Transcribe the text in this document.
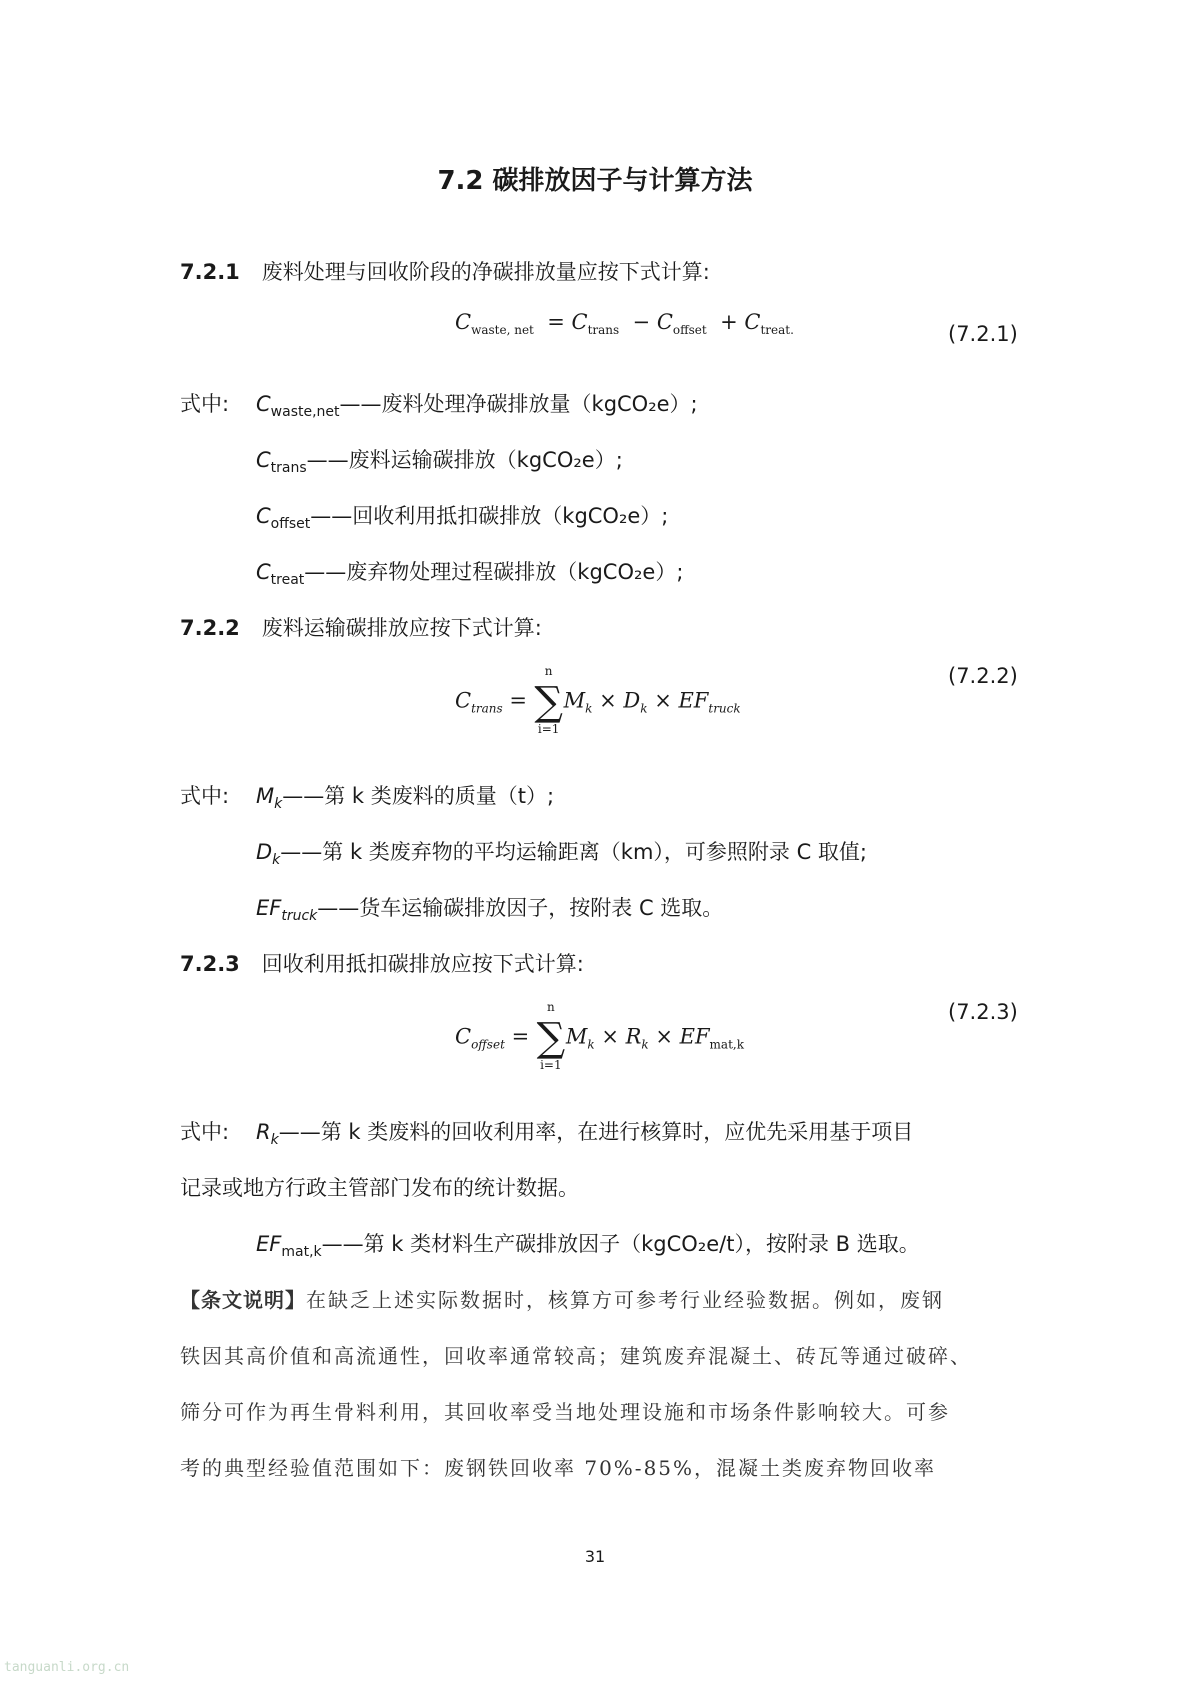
7.2 碳排放因子与计算方法
7.2.1 废料处理与回收阶段的净碳排放量应按下式计算:
$C_{waste, net} = C_{trans} - C_{offset} + C_{treat.}$	(7.2.1)
式中: $C_{waste,net}——$废料处理净碳排放量（kgCO₂e）;
$C_{trans}——$废料运输碳排放（kgCO₂e）;
$C_{offset}——$回收利用抵扣碳排放（kgCO₂e）;
$C_{treat}——$废弃物处理过程碳排放（kgCO₂e）;
7.2.2 废料运输碳排放应按下式计算:
(7.2.2)
$C_{trans}$ =
n
∑
i=1
$M_k \times D_k \times EF_{truck}$
式中: $M_k——$第 k 类废料的质量（t）;
$D_k——$第 k 类废弃物的平均运输距离（km），可参照附录 C 取值;
$EF_{truck}——$货车运输碳排放因子，按附表 C 选取。
7.2.3 回收利用抵扣碳排放应按下式计算:
(7.2.3)
$C_{offset}$ =
n
∑
i=1
$M_k \times R_k \times EF_{mat,k}$
式中: $R_k——$第 k 类废料的回收利用率，在进行核算时，应优先采用基于项目
记录或地方行政主管部门发布的统计数据。
$EF_{mat,k}——$第 k 类材料生产碳排放因子（kgCO₂e/t），按附录 B 选取。
【条文说明】在缺乏上述实际数据时，核算方可参考行业经验数据。例如，废钢
铁因其高价值和高流通性，回收率通常较高；建筑废弃混凝土、砖瓦等通过破碎、
筛分可作为再生骨料利用，其回收率受当地处理设施和市场条件影响较大。可参
考的典型经验值范围如下：废钢铁回收率 70%-85%，混凝土类废弃物回收率
31
tanguanli.org.cn
